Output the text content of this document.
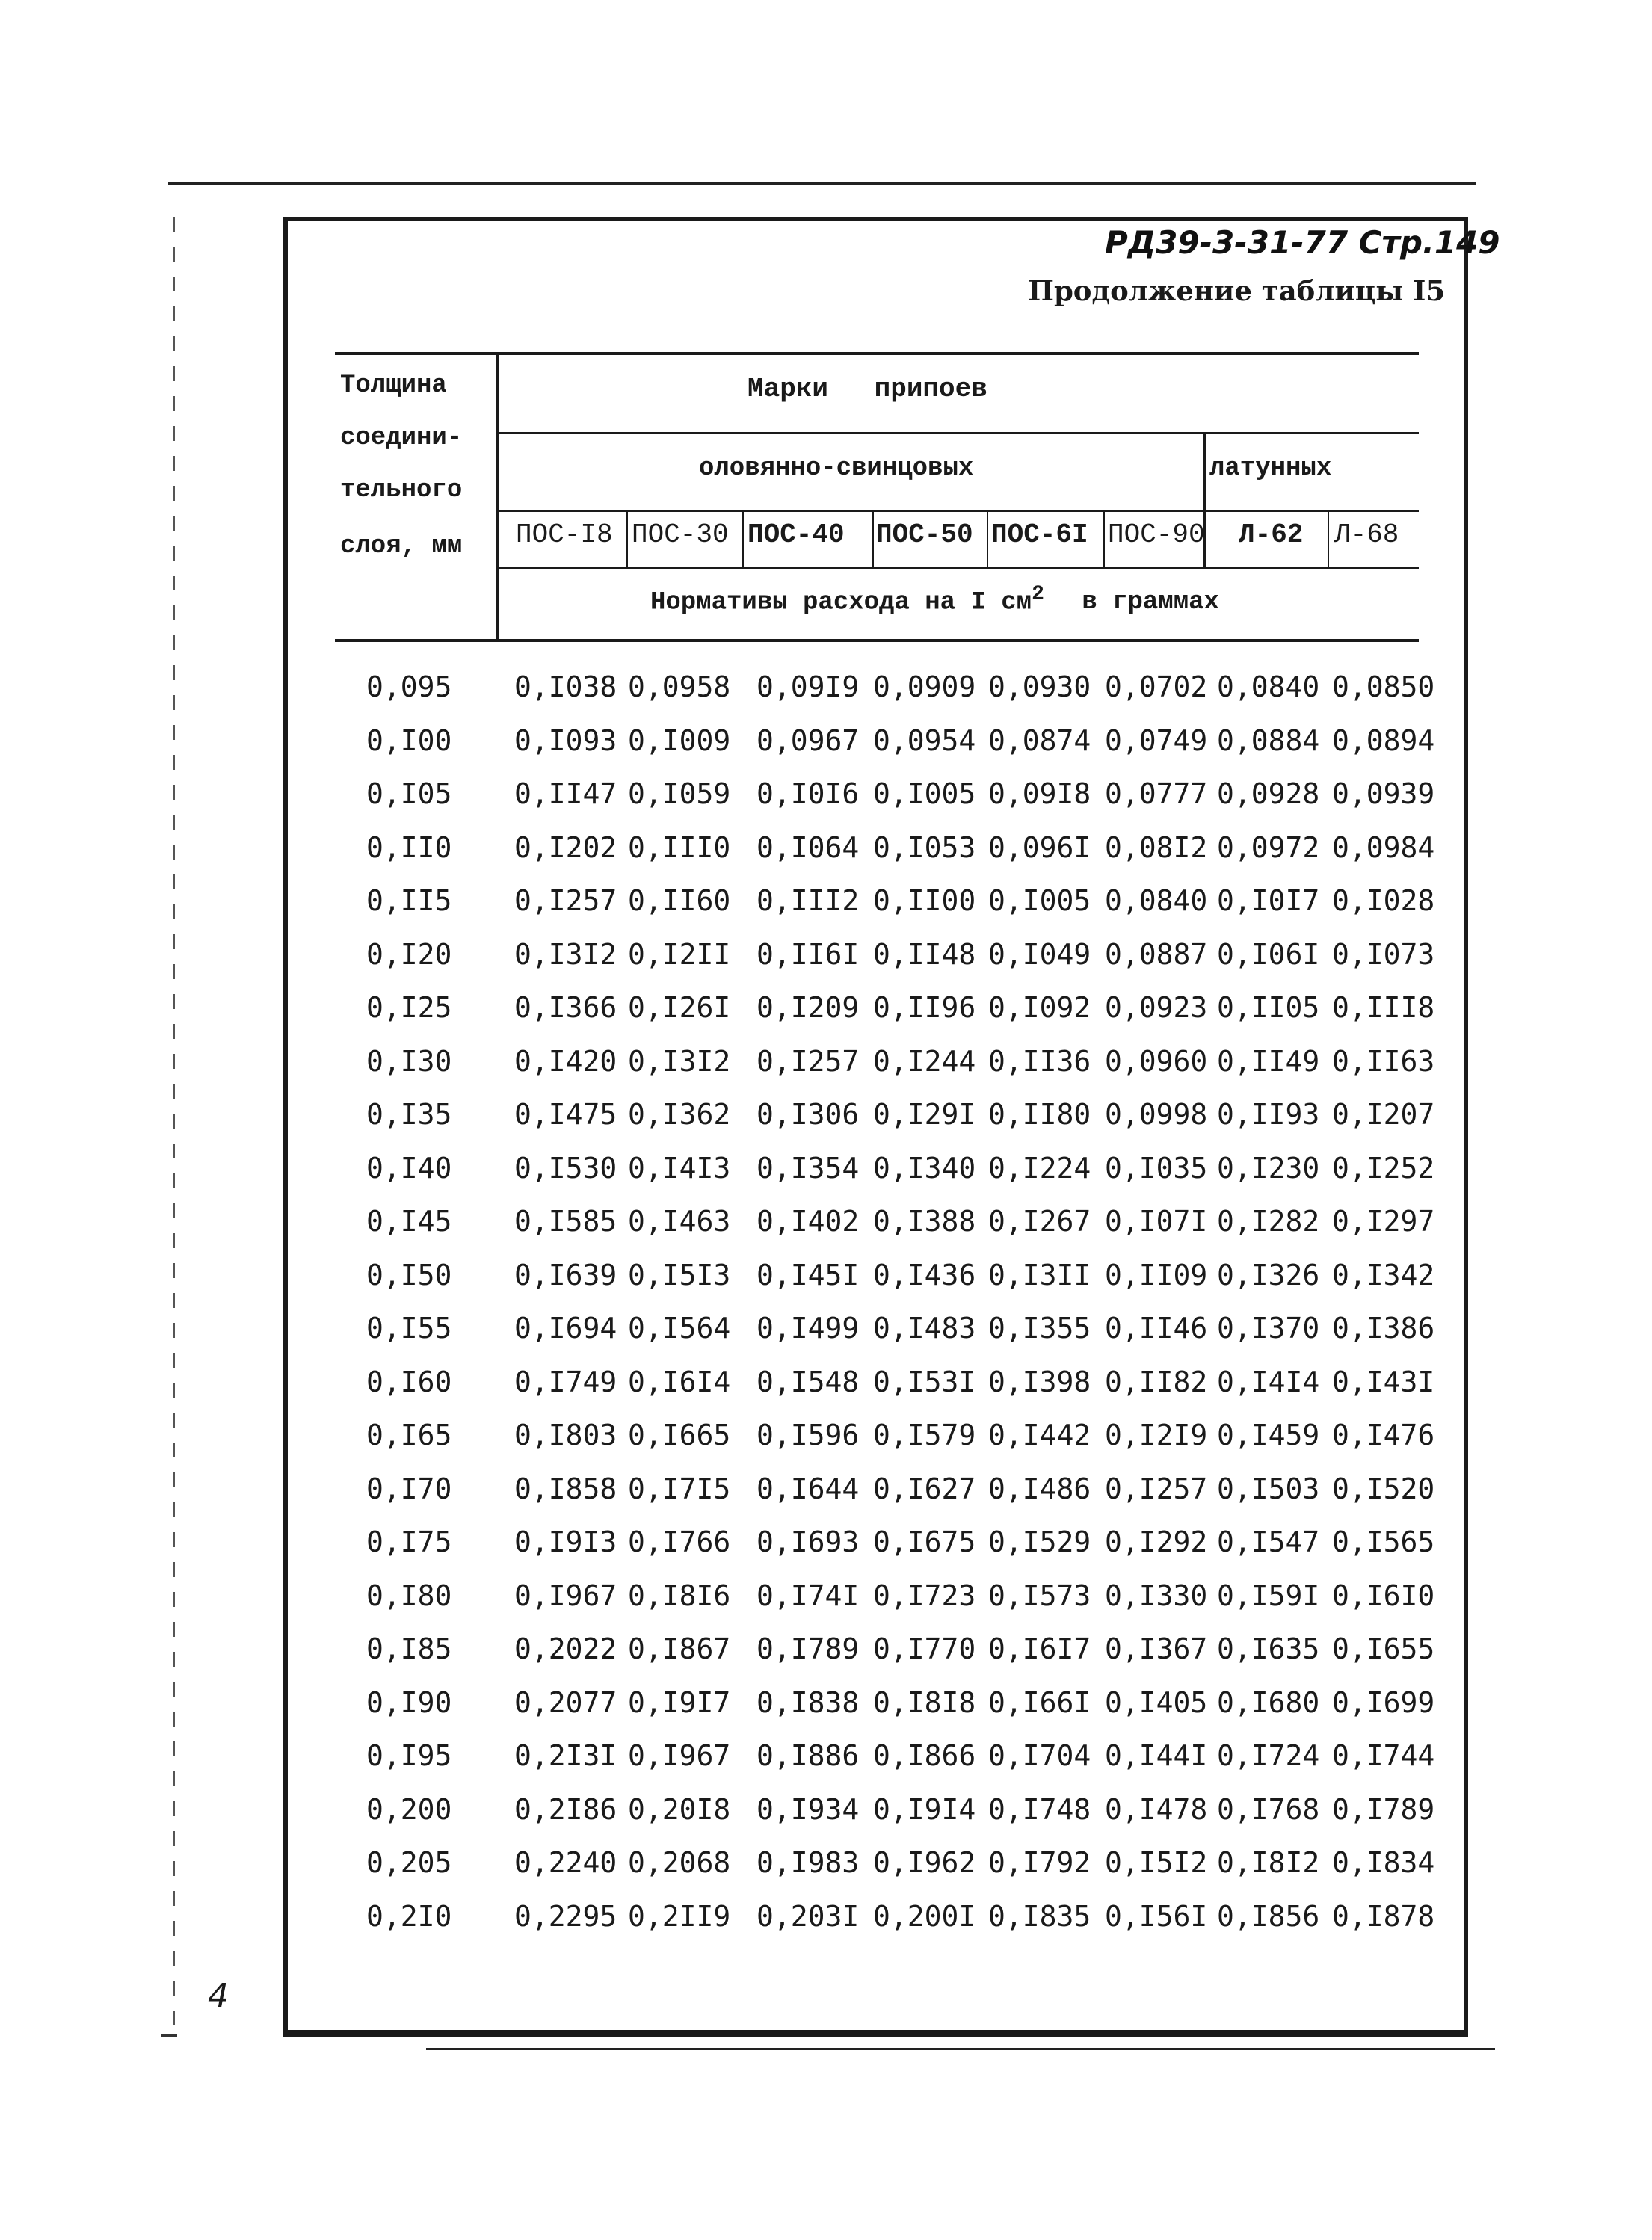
4
РД39-3-31-77 Стр.149
Продолжение таблицы I5
Толщина
соедини-
тельного
слоя, мм
Марки припоев
оловянно-свинцовых	латунных
ПОС-I8 ПОС-30 ПОС-40 ПОС-50 ПОС-6I ПОС-90 Л-62 Л-68
Нормативы расхода на I $см^2$ в граммах
0,095 0,I038 0,0958 0,09I9 0,0909 0,0930 0,0702 0,0840 0,0850
0,I00 0,I093 0,I009 0,0967 0,0954 0,0874 0,0749 0,0884 0,0894
0,I05 0,II47 0,I059 0,I0I6 0,I005 0,09I8 0,0777 0,0928 0,0939
0,II0 0,I202 0,III0 0,I064 0,I053 0,096I 0,08I2 0,0972 0,0984
0,II5 0,I257 0,II60 0,III2 0,II00 0,I005 0,0840 0,I0I7 0,I028
0,I20 0,I3I2 0,I2II 0,II6I 0,II48 0,I049 0,0887 0,I06I 0,I073
0,I25 0,I366 0,I26I 0,I209 0,II96 0,I092 0,0923 0,II05 0,III8
0,I30 0,I420 0,I3I2 0,I257 0,I244 0,II36 0,0960 0,II49 0,II63
0,I35 0,I475 0,I362 0,I306 0,I29I 0,II80 0,0998 0,II93 0,I207
0,I40 0,I530 0,I4I3 0,I354 0,I340 0,I224 0,I035 0,I230 0,I252
0,I45 0,I585 0,I463 0,I402 0,I388 0,I267 0,I07I 0,I282 0,I297
0,I50 0,I639 0,I5I3 0,I45I 0,I436 0,I3II 0,II09 0,I326 0,I342
0,I55 0,I694 0,I564 0,I499 0,I483 0,I355 0,II46 0,I370 0,I386
0,I60 0,I749 0,I6I4 0,I548 0,I53I 0,I398 0,II82 0,I4I4 0,I43I
0,I65 0,I803 0,I665 0,I596 0,I579 0,I442 0,I2I9 0,I459 0,I476
0,I70 0,I858 0,I7I5 0,I644 0,I627 0,I486 0,I257 0,I503 0,I520
0,I75 0,I9I3 0,I766 0,I693 0,I675 0,I529 0,I292 0,I547 0,I565
0,I80 0,I967 0,I8I6 0,I74I 0,I723 0,I573 0,I330 0,I59I 0,I6I0
0,I85 0,2022 0,I867 0,I789 0,I770 0,I6I7 0,I367 0,I635 0,I655
0,I90 0,2077 0,I9I7 0,I838 0,I8I8 0,I66I 0,I405 0,I680 0,I699
0,I95 0,2I3I 0,I967 0,I886 0,I866 0,I704 0,I44I 0,I724 0,I744
0,200 0,2I86 0,20I8 0,I934 0,I9I4 0,I748 0,I478 0,I768 0,I789
0,205 0,2240 0,2068 0,I983 0,I962 0,I792 0,I5I2 0,I8I2 0,I834
0,2I0 0,2295 0,2II9 0,203I 0,200I 0,I835 0,I56I 0,I856 0,I878
